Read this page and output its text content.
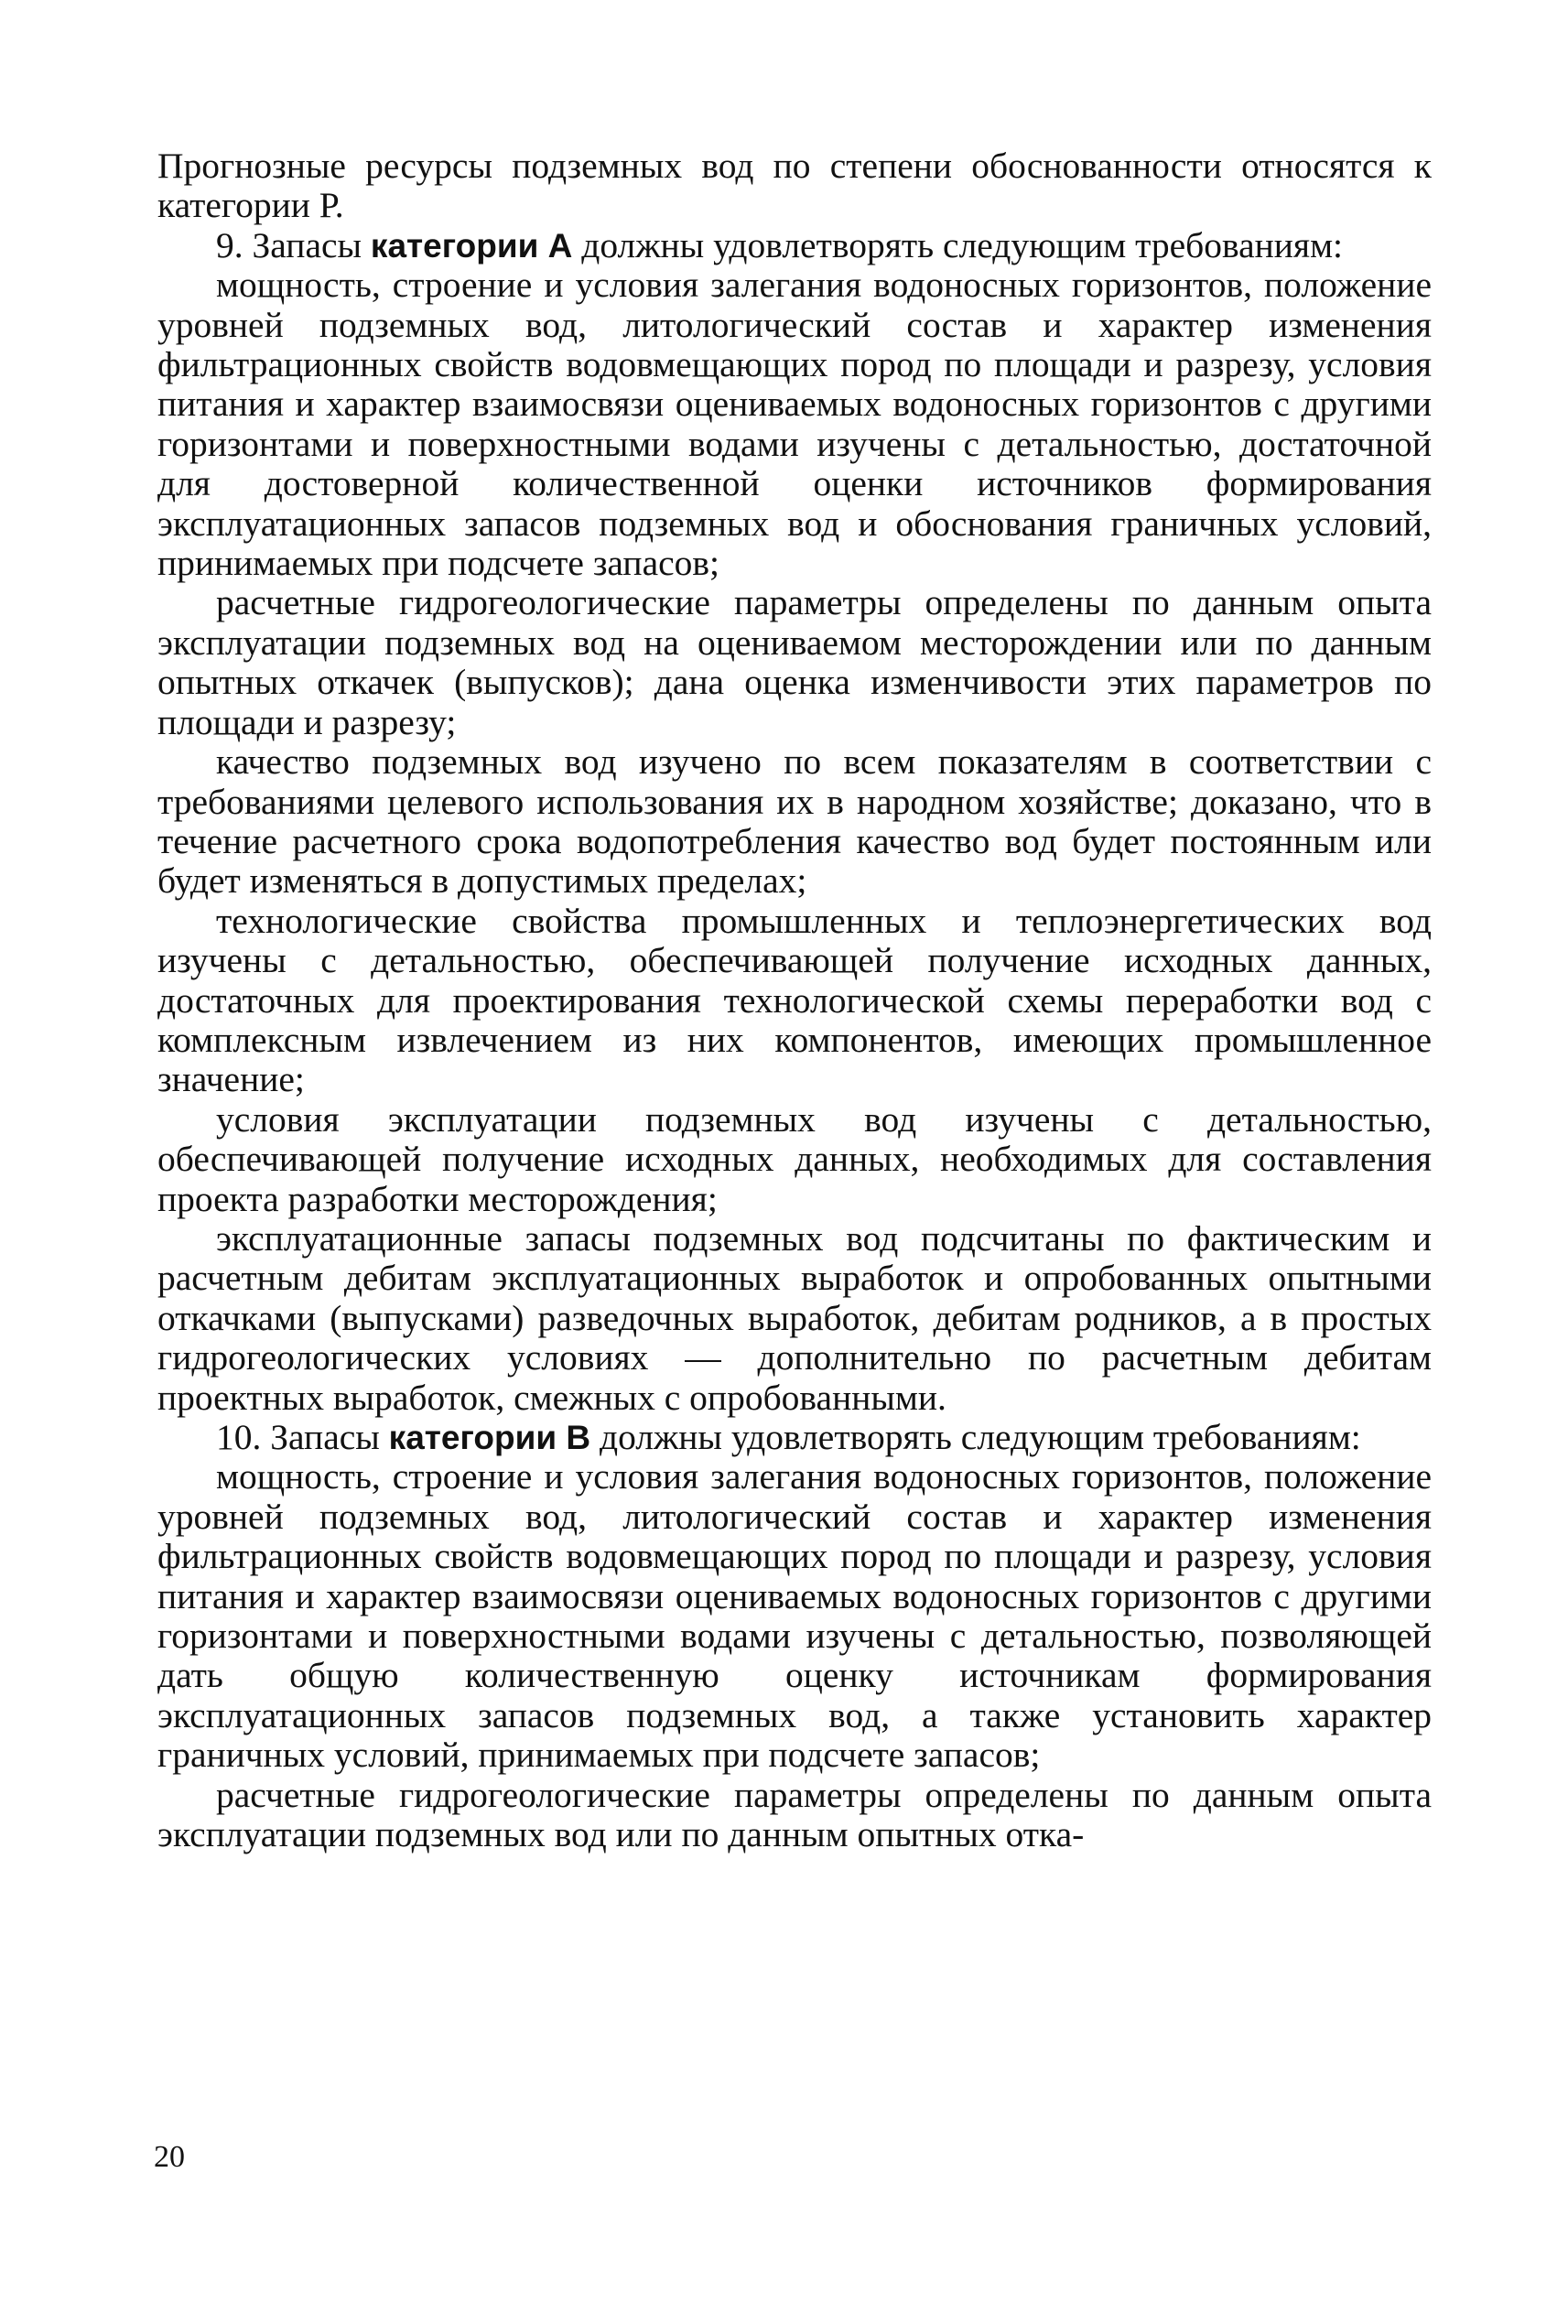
Прогнозные ресурсы подземных вод по степени обоснованности относятся к категории Р.

9. Запасы категории А должны удовлетворять следующим требованиям:

мощность, строение и условия залегания водоносных горизонтов, положение уровней подземных вод, литологический состав и характер изменения фильтрационных свойств водовмещающих пород по площади и разрезу, условия питания и характер взаимосвязи оцениваемых водоносных горизонтов с другими горизонтами и поверхностными водами изучены с детальностью, достаточной для достоверной количественной оценки источников формирования эксплуатационных запасов подземных вод и обоснования граничных условий, принимаемых при подсчете запасов;

расчетные гидрогеологические параметры определены по данным опыта эксплуатации подземных вод на оцениваемом месторождении или по данным опытных откачек (выпусков); дана оценка изменчивости этих параметров по площади и разрезу;

качество подземных вод изучено по всем показателям в соответствии с требованиями целевого использования их в народном хозяйстве; доказано, что в течение расчетного срока водопотребления качество вод будет постоянным или будет изменяться в допустимых пределах;

технологические свойства промышленных и теплоэнергетических вод изучены с детальностью, обеспечивающей получение исходных данных, достаточных для проектирования технологической схемы переработки вод с комплексным извлечением из них компонентов, имеющих промышленное значение;

условия эксплуатации подземных вод изучены с детальностью, обеспечивающей получение исходных данных, необходимых для составления проекта разработки месторождения;

эксплуатационные запасы подземных вод подсчитаны по фактическим и расчетным дебитам эксплуатационных выработок и опробованных опытными откачками (выпусками) разведочных выработок, дебитам родников, а в простых гидрогеологических условиях — дополнительно по расчетным дебитам проектных выработок, смежных с опробованными.

10. Запасы категории В должны удовлетворять следующим требованиям:

мощность, строение и условия залегания водоносных горизонтов, положение уровней подземных вод, литологический состав и характер изменения фильтрационных свойств водовмещающих пород по площади и разрезу, условия питания и характер взаимосвязи оцениваемых водоносных горизонтов с другими горизонтами и поверхностными водами изучены с детальностью, позволяющей дать общую количественную оценку источникам формирования эксплуатационных запасов подземных вод, а также установить характер граничных условий, принимаемых при подсчете запасов;

расчетные гидрогеологические параметры определены по данным опыта эксплуатации подземных вод или по данным опытных отка-

20
